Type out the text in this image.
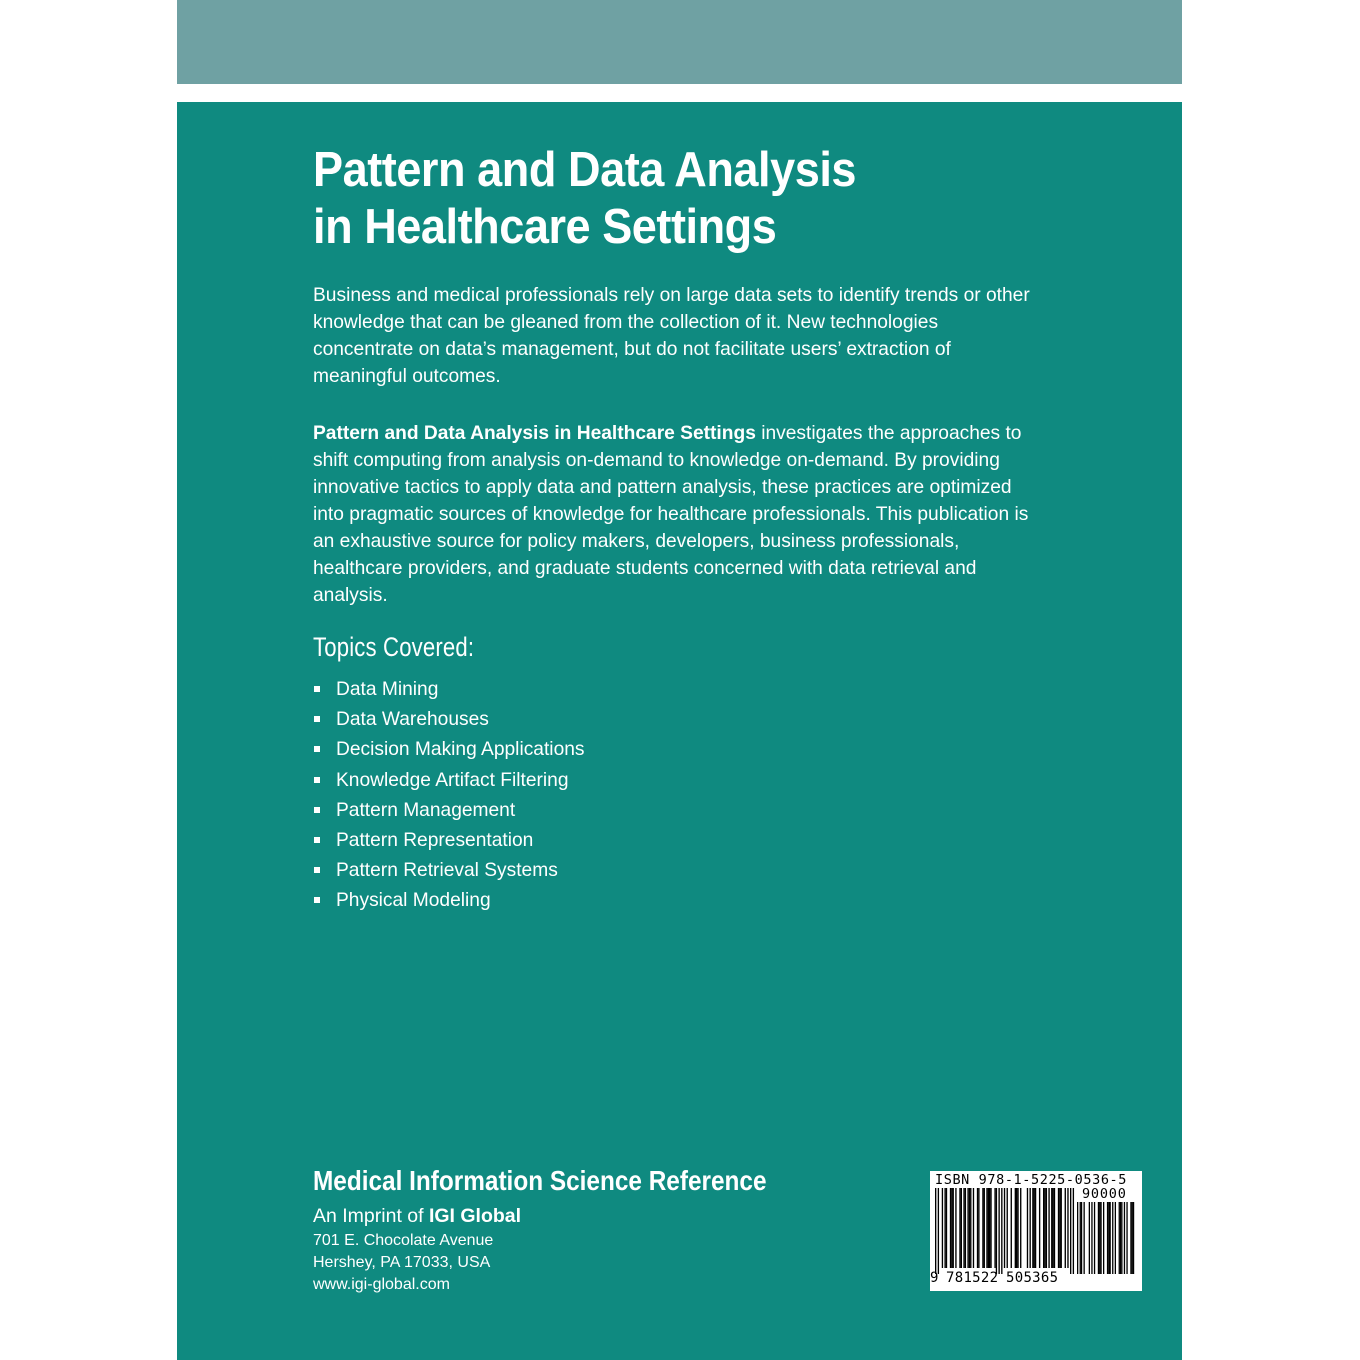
Pattern and Data Analysis
in Healthcare Settings

Business and medical professionals rely on large data sets to identify trends or other knowledge that can be gleaned from the collection of it. New technologies concentrate on data’s management, but do not facilitate users’ extraction of meaningful outcomes.

Pattern and Data Analysis in Healthcare Settings investigates the approaches to shift computing from analysis on-demand to knowledge on-demand. By providing innovative tactics to apply data and pattern analysis, these practices are optimized into pragmatic sources of knowledge for healthcare professionals. This publication is an exhaustive source for policy makers, developers, business professionals, healthcare providers, and graduate students concerned with data retrieval and analysis.

Topics Covered:
Data Mining
Data Warehouses
Decision Making Applications
Knowledge Artifact Filtering
Pattern Management
Pattern Representation
Pattern Retrieval Systems
Physical Modeling
Medical Information Science Reference
An Imprint of IGI Global
701 E. Chocolate Avenue
Hershey, PA 17033, USA
www.igi-global.com
ISBN 978-1-5225-0536-5
90000
9 781522 505365
